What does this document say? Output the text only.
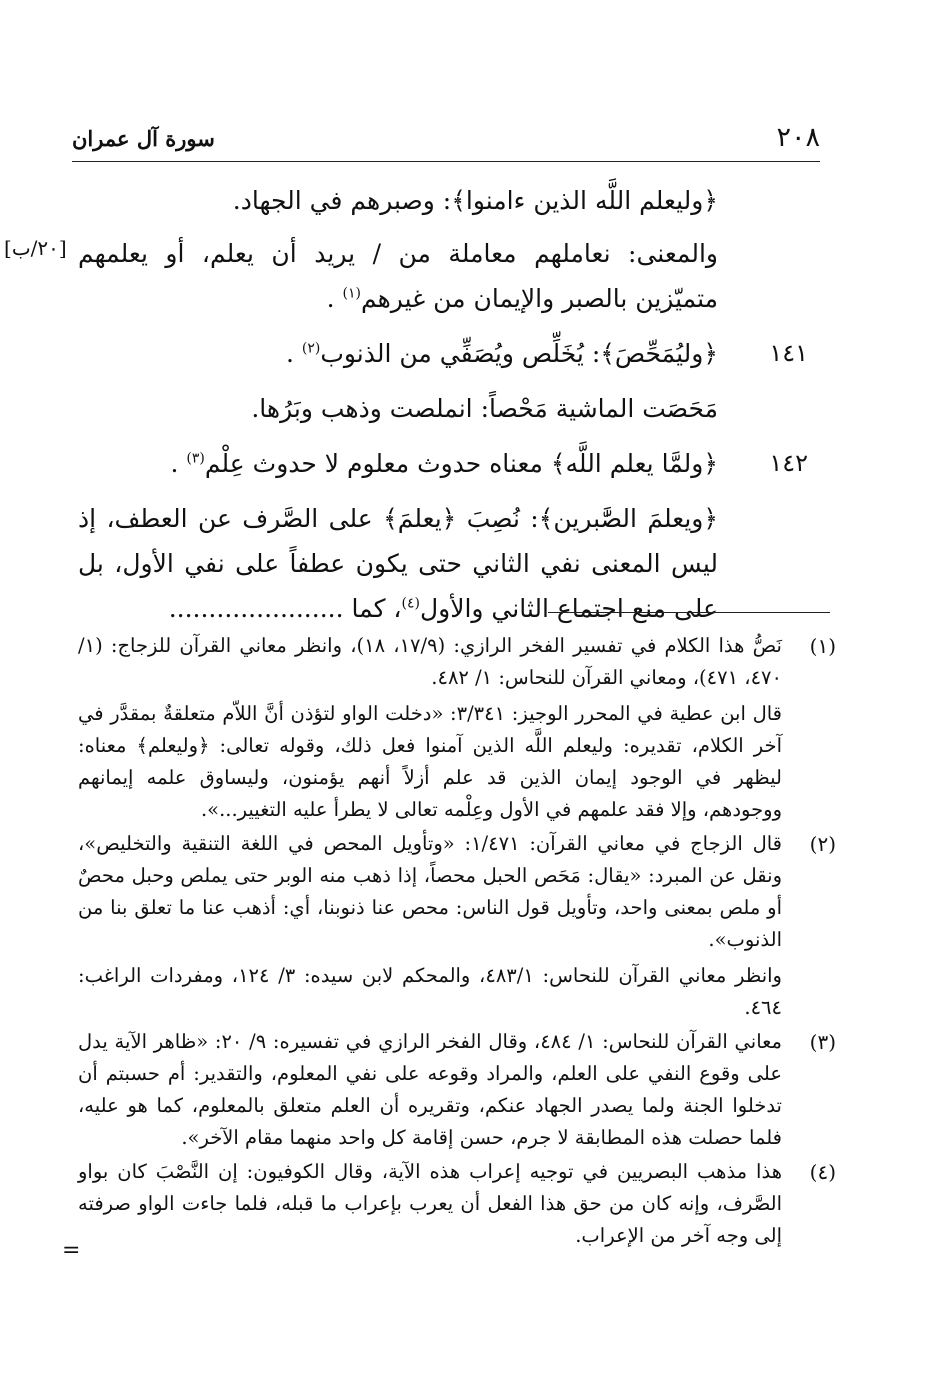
٢٠٨
سورة آل عمران

﴿وليعلم اللَّه الذين ءامنوا﴾: وصبرهم في الجهاد.

والمعنى: نعاملهم معاملة من / يريد أن يعلم، أو يعلمهم متميّزين بالصبر والإيمان من غيرهم$^{(١)}$ .

١٤١

﴿وليُمَحِّصَ﴾: يُخَلِّص ويُصَفِّي من الذنوب$^{(٢)}$ .

مَحَصَت الماشية مَحْصاً: انملصت وذهب وبَرُها.

١٤٢

﴿ولمَّا يعلم اللَّه﴾ معناه حدوث معلوم لا حدوث عِلْم$^{(٣)}$ .

﴿ويعلمَ الصَّٰبرين﴾: نُصِبَ ﴿يعلمَ﴾ على الصَّرف عن العطف، إذ ليس المعنى نفي الثاني حتى يكون عطفاً على نفي الأول، بل على منع اجتماع الثاني والأول$^{(٤)}$، كما ......................

[٢٠/ب]
(١)

نَصُّ هذا الكلام في تفسير الفخر الرازي: (١٧/٩، ١٨)، وانظر معاني القرآن للزجاج: (١/ ٤٧٠، ٤٧١)، ومعاني القرآن للنحاس: ١/ ٤٨٢.

قال ابن عطية في المحرر الوجيز: ٣/٣٤١: «دخلت الواو لتؤذن أنَّ اللاّم متعلقةٌ بمقدَّر في آخر الكلام، تقديره: وليعلم اللَّه الذين آمنوا فعل ذلك، وقوله تعالى: ﴿وليعلم﴾ معناه: ليظهر في الوجود إيمان الذين قد علم أزلاً أنهم يؤمنون، وليساوق علمه إيمانهم ووجودهم، وإلا فقد علمهم في الأول وعِلْمه تعالى لا يطرأ عليه التغيير...».

(٢)

قال الزجاج في معاني القرآن: ١/٤٧١: «وتأويل المحص في اللغة التنقية والتخليص»، ونقل عن المبرد: «يقال: مَحَص الحبل محصاً، إذا ذهب منه الوبر حتى يملص وحبل محصٌ أو ملص بمعنى واحد، وتأويل قول الناس: محص عنا ذنوبنا، أي: أذهب عنا ما تعلق بنا من الذنوب».

وانظر معاني القرآن للنحاس: ٤٨٣/١، والمحكم لابن سيده: ٣/ ١٢٤، ومفردات الراغب: ٤٦٤.

(٣)

معاني القرآن للنحاس: ١/ ٤٨٤، وقال الفخر الرازي في تفسيره: ٩/ ٢٠: «ظاهر الآية يدل على وقوع النفي على العلم، والمراد وقوعه على نفي المعلوم، والتقدير: أم حسبتم أن تدخلوا الجنة ولما يصدر الجهاد عنكم، وتقريره أن العلم متعلق بالمعلوم، كما هو عليه، فلما حصلت هذه المطابقة لا جرم، حسن إقامة كل واحد منهما مقام الآخر».

(٤)

هذا مذهب البصريين في توجيه إعراب هذه الآية، وقال الكوفيون: إن النَّصْبَ كان بواو الصَّرف، وإنه كان من حق هذا الفعل أن يعرب بإعراب ما قبله، فلما جاءت الواو صرفته إلى وجه آخر من الإعراب.

=
